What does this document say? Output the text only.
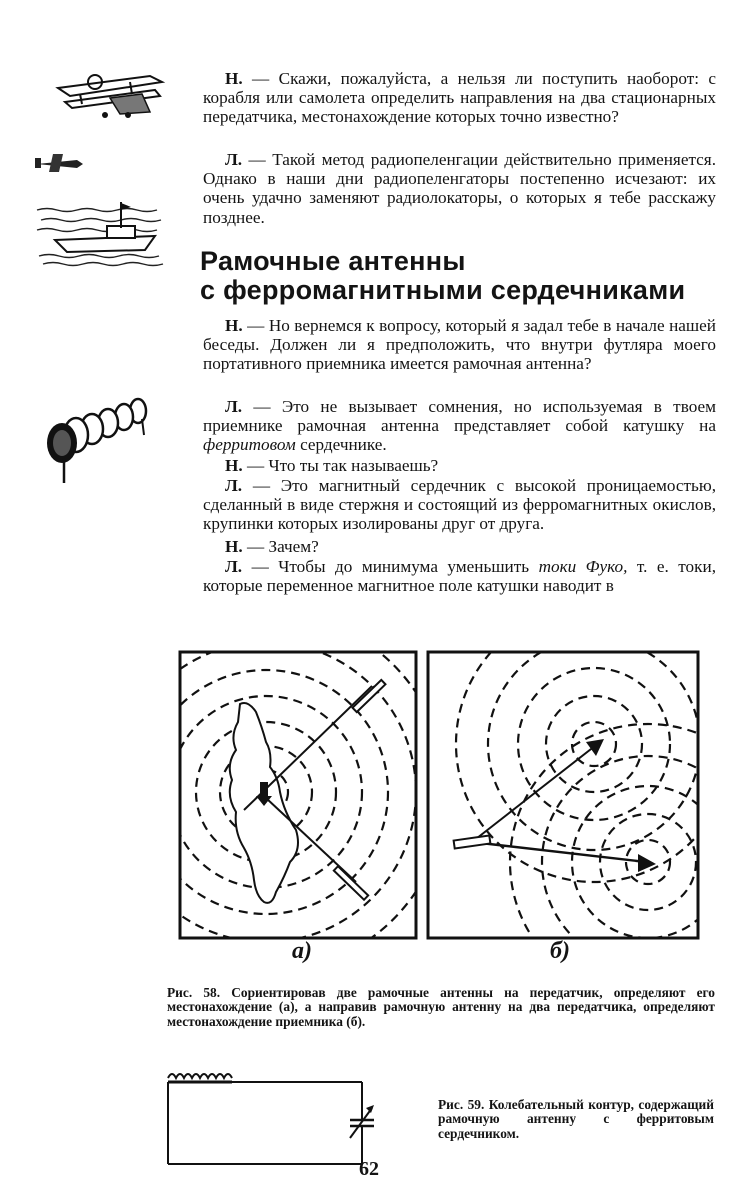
Н. — Скажи, пожалуйста, а нельзя ли поступить наоборот: с корабля или самолета определить направления на два стационарных передатчика, местонахождение которых точно известно?
Л. — Такой метод радиопеленгации действительно применяется. Однако в наши дни радиопеленгаторы постепенно исчезают: их очень удачно заменяют радиолокаторы, о которых я тебе расскажу позднее.
Рамочные антенны
с ферромагнитными сердечниками
Н. — Но вернемся к вопросу, который я задал тебе в начале нашей беседы. Должен ли я предположить, что внутри футляра моего портативного приемника имеется рамочная антенна?
Л. — Это не вызывает сомнения, но используемая в твоем приемнике рамочная антенна представляет собой катушку на ферритовом сердечнике.
Н. — Что ты так называешь?
Л. — Это магнитный сердечник с высокой проницаемостью, сделанный в виде стержня и состоящий из ферромагнитных окислов, крупинки которых изолированы друг от друга.
Н. — Зачем?
Л. — Чтобы до минимума уменьшить токи Фуко, т. е. токи, которые переменное магнитное поле катушки наводит в
а)	б)
Рис. 58. Сориентировав две рамочные антенны на передатчик, определяют его местонахождение (а), а направив рамочную антенну на два передатчика, определяют местонахождение приемника (б).
Рис. 59. Колебательный контур, содержащий рамочную антенну с ферритовым сердечником.
62
